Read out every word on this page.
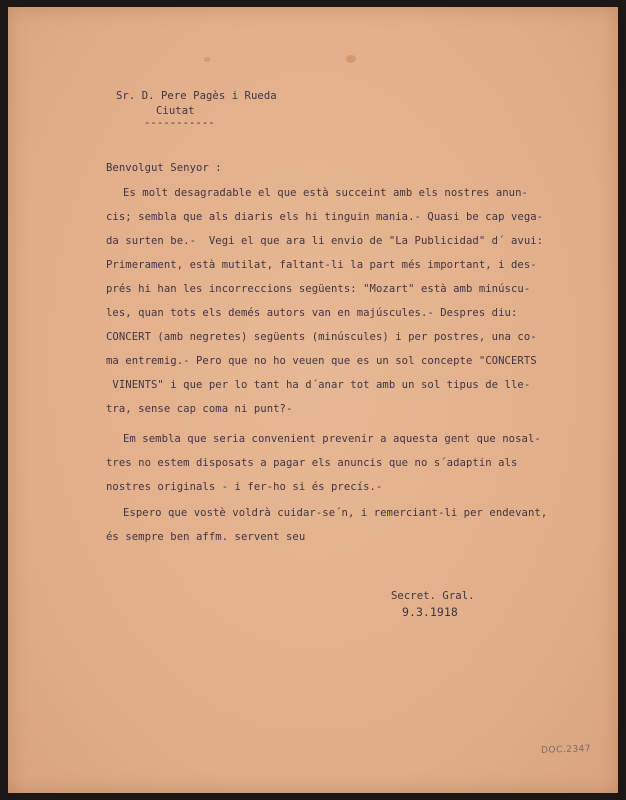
Sr. D. Pere Pagès i Rueda
Ciutat
-----------
Benvolgut Senyor :
Es molt desagradable el que està succeint amb els nostres anun-
cis; sembla que als diaris els hi tinguin mania.- Quasi be cap vega-
da surten be.-  Vegi el que ara li envio de "La Publicidad" d´ avui:
Primerament, està mutilat, faltant-li la part més important, i des-
prés hi han les incorreccions següents: "Mozart" està amb minúscu-
les, quan tots els demés autors van en majúscules.- Despres diu:
CONCERT (amb negretes) següents (minúscules) i per postres, una co-
ma entremig.- Pero que no ho veuen que es un sol concepte "CONCERTS
VINENTS" i que per lo tant ha d´anar tot amb un sol tipus de lle-
tra, sense cap coma ni punt?-
Em sembla que seria convenient prevenir a aquesta gent que nosal-
tres no estem disposats a pagar els anuncis que no s´adaptin als
nostres originals - i fer-ho si és precís.-
Espero que vostè voldrà cuidar-se´n, i remerciant-li per endevant,
és sempre ben affm. servent seu
Secret. Gral.
9.3.1918
DOC.2347
